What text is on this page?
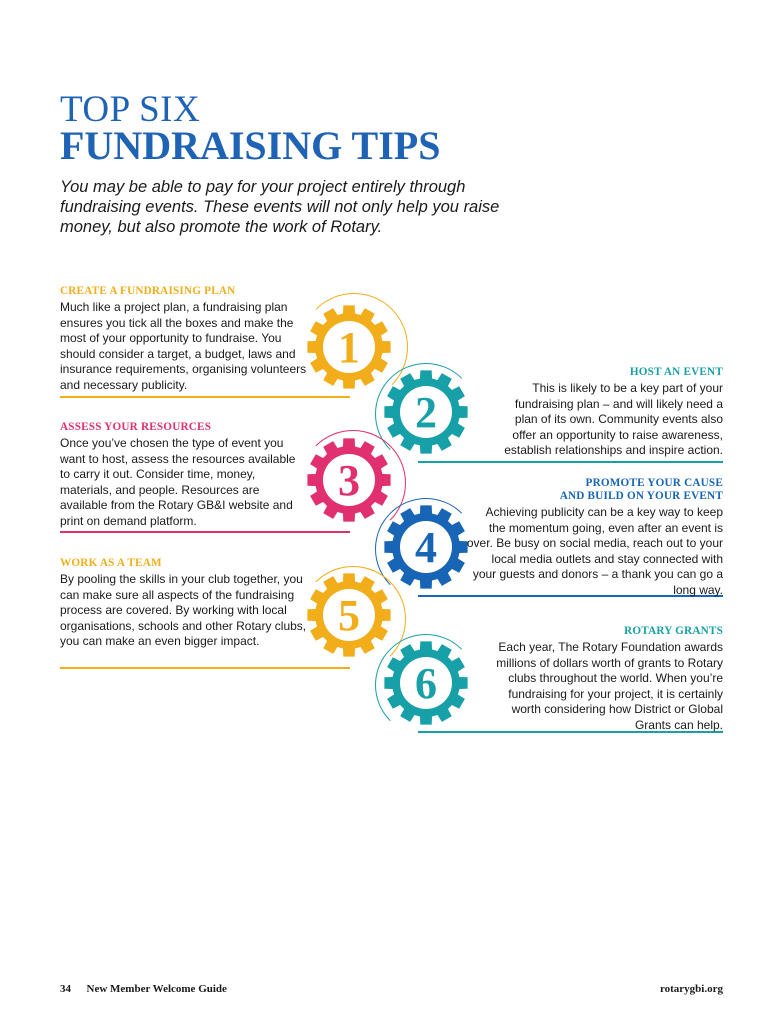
TOP SIX
FUNDRAISING TIPS

You may be able to pay for your project entirely through fundraising events. These events will not only help you raise money, but also promote the work of Rotary.

1
2
3
4
5
6
CREATE A FUNDRAISING PLAN

Much like a project plan, a fundraising plan ensures you tick all the boxes and make the most of your opportunity to fundraise. You should consider a target, a budget, laws and insurance requirements, organising volunteers and necessary publicity.

ASSESS YOUR RESOURCES

Once you’ve chosen the type of event you want to host, assess the resources available to carry it out. Consider time, money, materials, and people. Resources are available from the Rotary GB&I website and print on demand platform.

WORK AS A TEAM

By pooling the skills in your club together, you can make sure all aspects of the fundraising process are covered. By working with local organisations, schools and other Rotary clubs, you can make an even bigger impact.

HOST AN EVENT

This is likely to be a key part of your fundraising plan – and will likely need a plan of its own. Community events also offer an opportunity to raise awareness, establish relationships and inspire action.

PROMOTE YOUR CAUSE
AND BUILD ON YOUR EVENT

Achieving publicity can be a key way to keep the momentum going, even after an event is over. Be busy on social media, reach out to your local media outlets and stay connected with your guests and donors – a thank you can go a long way.

ROTARY GRANTS

Each year, The Rotary Foundation awards millions of dollars worth of grants to Rotary clubs throughout the world. When you’re fundraising for your project, it is certainly worth considering how District or Global Grants can help.

34 New Member Welcome Guide	rotarygbi.org
